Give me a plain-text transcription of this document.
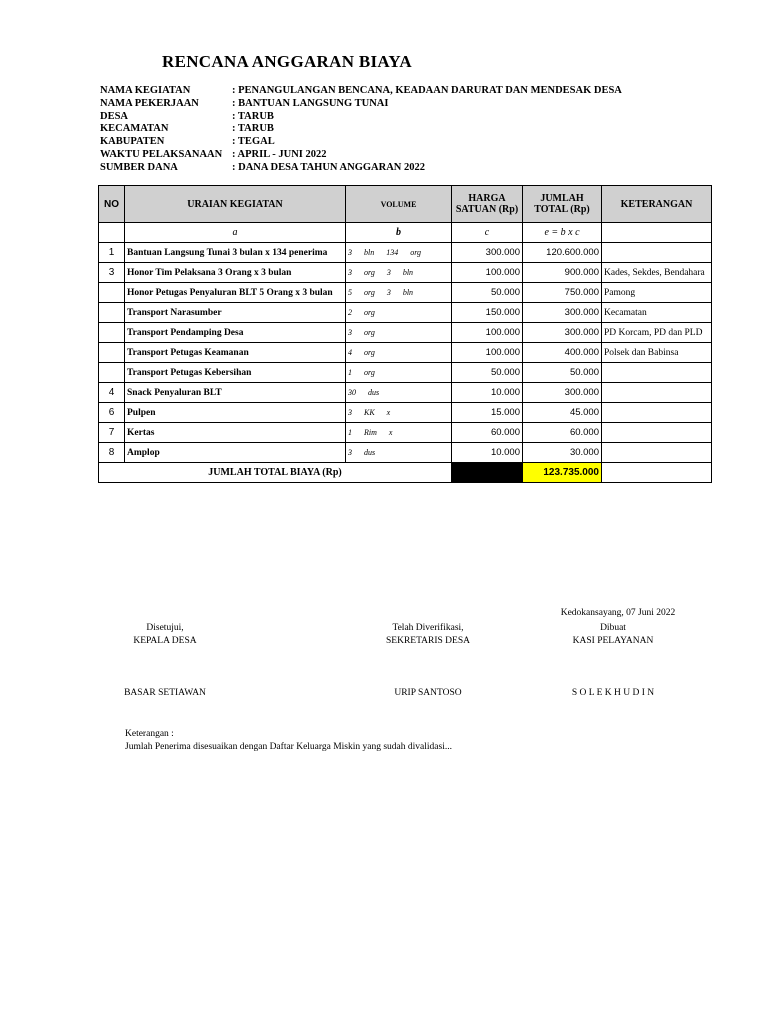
RENCANA ANGGARAN BIAYA
NAMA KEGIATAN	: PENANGULANGAN BENCANA, KEADAAN DARURAT DAN MENDESAK DESA
NAMA PEKERJAAN	: BANTUAN LANGSUNG TUNAI
DESA	: TARUB
KECAMATAN	: TARUB
KABUPATEN	: TEGAL
WAKTU PELAKSANAAN : APRIL - JUNI 2022
SUMBER DANA	: DANA DESA TAHUN ANGGARAN 2022
NO	URAIAN KEGIATAN	VOLUME	HARGA SATUAN (Rp)	JUMLAH TOTAL (Rp)	KETERANGAN
	a	b	c	e = b x c	
1	Bantuan Langsung Tunai 3 bulan x 134 penerima	3 bln 134 org	300.000	120.600.000	
3	Honor Tim Pelaksana 3 Orang x 3 bulan	3 org 3 bln	100.000	900.000	Kades, Sekdes, Bendahara
	Honor Petugas Penyaluran BLT 5 Orang x 3 bulan	5 org 3 bln	50.000	750.000	Pamong
	Transport Narasumber	2 org	150.000	300.000	Kecamatan
	Transport Pendamping Desa	3 org	100.000	300.000	PD Korcam, PD dan PLD
	Transport Petugas Keamanan	4 org	100.000	400.000	Polsek dan Babinsa
	Transport Petugas Kebersihan	1 org	50.000	50.000	
4	Snack Penyaluran BLT	30 dus	10.000	300.000	
6	Pulpen	3 KK x	15.000	45.000	
7	Kertas	1 Rim x	60.000	60.000	
8	Amplop	3 dus	10.000	30.000	
JUMLAH TOTAL BIAYA (Rp)				123.735.000	
Kedokansayang, 07 Juni 2022
Disetujui,
KEPALA DESA
BASAR SETIAWAN
Telah Diverifikasi,
SEKRETARIS DESA
URIP SANTOSO
Dibuat
KASI PELAYANAN
S O L E K H U D I N
Keterangan :
Jumlah Penerima disesuaikan dengan Daftar Keluarga Miskin yang sudah divalidasi...
